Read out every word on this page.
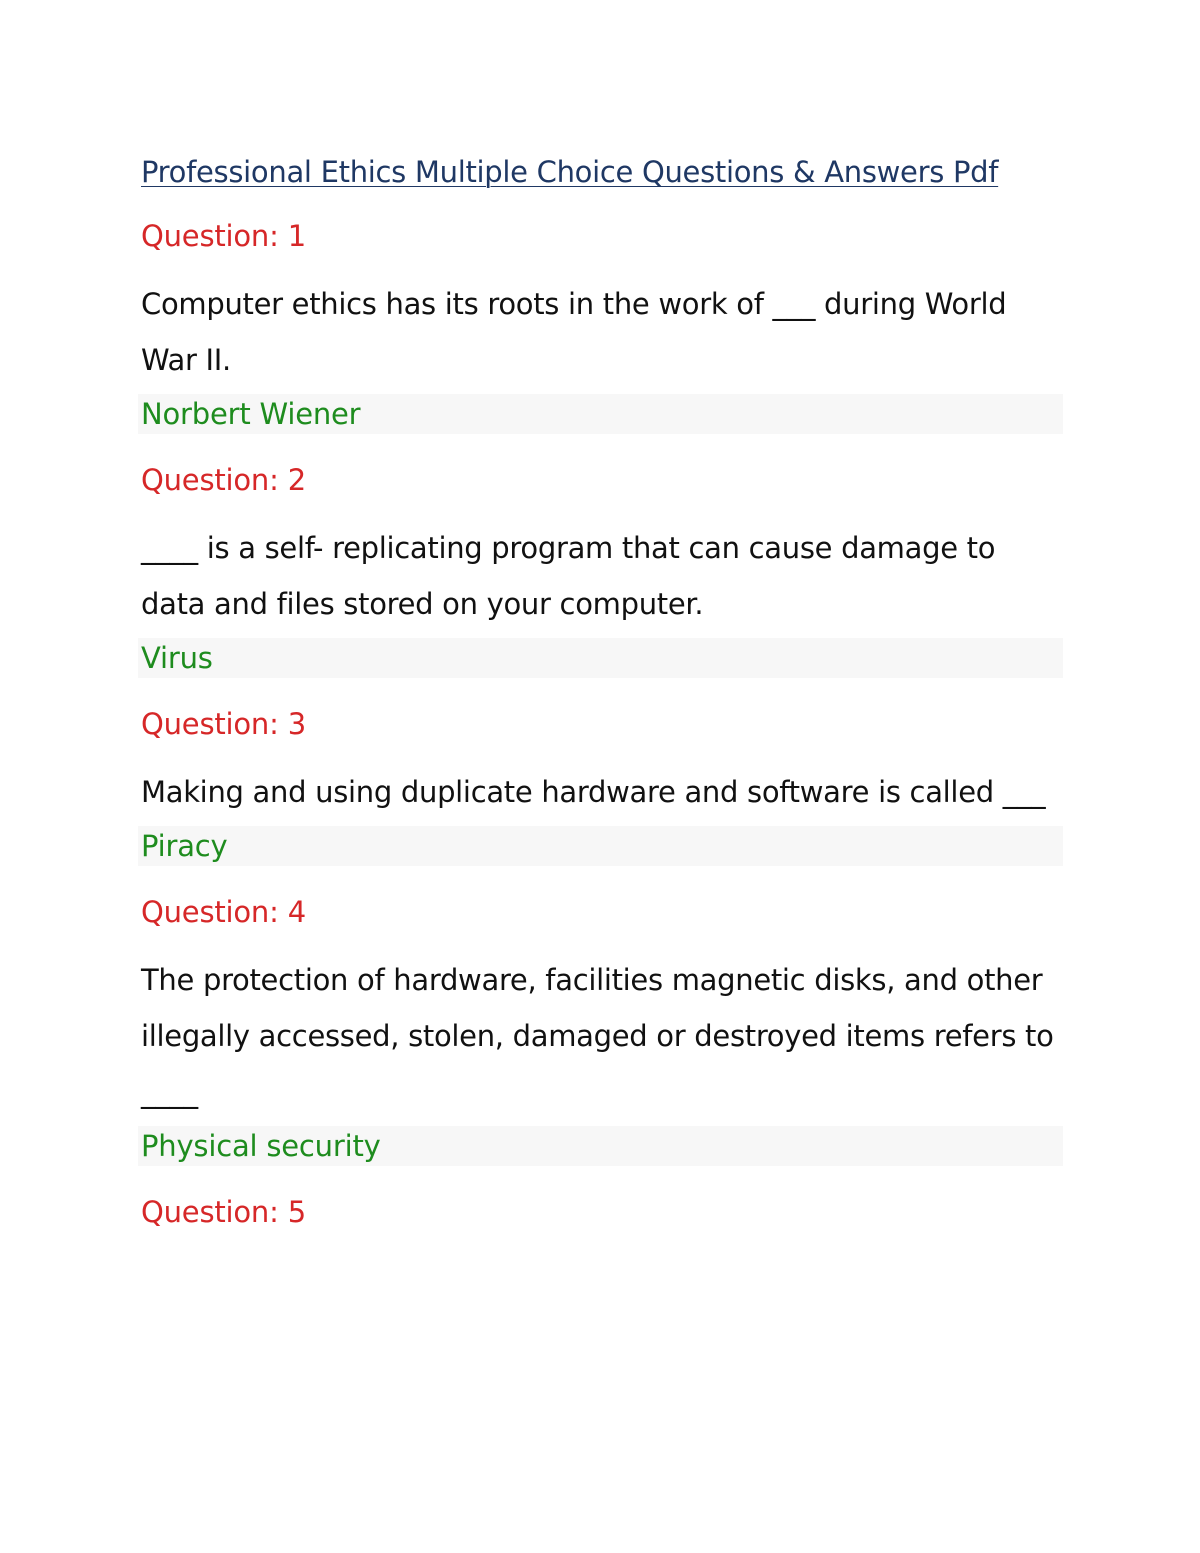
Professional Ethics Multiple Choice Questions & Answers Pdf
Question: 1
Computer ethics has its roots in the work of ___ during World War II.
Norbert Wiener
Question: 2
____ is a self- replicating program that can cause damage to data and files stored on your computer.
Virus
Question: 3
Making and using duplicate hardware and software is called ___
Piracy
Question: 4
The protection of hardware, facilities magnetic disks, and other illegally accessed, stolen, damaged or destroyed items refers to ____
Physical security
Question: 5
